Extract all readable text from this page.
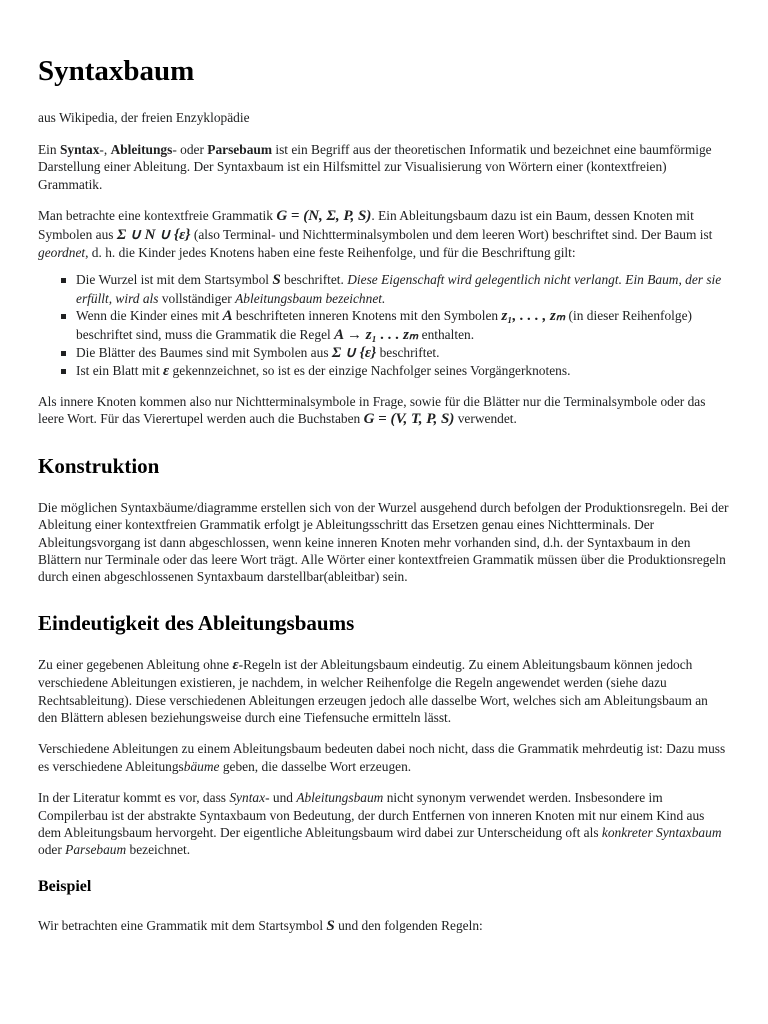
Syntaxbaum
aus Wikipedia, der freien Enzyklopädie

Ein Syntax-, Ableitungs- oder Parsebaum ist ein Begriff aus der theoretischen Informatik und bezeichnet eine baumförmige Darstellung einer Ableitung. Der Syntaxbaum ist ein Hilfsmittel zur Visualisierung von Wörtern einer (kontextfreien) Grammatik.

Man betrachte eine kontextfreie Grammatik G = (N, Σ, P, S). Ein Ableitungsbaum dazu ist ein Baum, dessen Knoten mit Symbolen aus Σ ∪ N ∪ {ε} (also Terminal- und Nichtterminalsymbolen und dem leeren Wort) beschriftet sind. Der Baum ist geordnet, d. h. die Kinder jedes Knotens haben eine feste Reihenfolge, und für die Beschriftung gilt:

Die Wurzel ist mit dem Startsymbol S beschriftet. Diese Eigenschaft wird gelegentlich nicht verlangt. Ein Baum, der sie erfüllt, wird als vollständiger Ableitungsbaum bezeichnet.
Wenn die Kinder eines mit A beschrifteten inneren Knotens mit den Symbolen z₁, . . . , zₘ (in dieser Reihenfolge) beschriftet sind, muss die Grammatik die Regel A → z₁ . . . zₘ enthalten.
Die Blätter des Baumes sind mit Symbolen aus Σ ∪ {ε} beschriftet.
Ist ein Blatt mit ε gekennzeichnet, so ist es der einzige Nachfolger seines Vorgängerknotens.

Als innere Knoten kommen also nur Nichtterminalsymbole in Frage, sowie für die Blätter nur die Terminalsymbole oder das leere Wort. Für das Vierertupel werden auch die Buchstaben G = (V, T, P, S) verwendet.

Konstruktion

Die möglichen Syntaxbäume/diagramme erstellen sich von der Wurzel ausgehend durch befolgen der Produktionsregeln. Bei der Ableitung einer kontextfreien Grammatik erfolgt je Ableitungsschritt das Ersetzen genau eines Nichtterminals. Der Ableitungsvorgang ist dann abgeschlossen, wenn keine inneren Knoten mehr vorhanden sind, d.h. der Syntaxbaum in den Blättern nur Terminale oder das leere Wort trägt. Alle Wörter einer kontextfreien Grammatik müssen über die Produktionsregeln durch einen abgeschlossenen Syntaxbaum darstellbar(ableitbar) sein.

Eindeutigkeit des Ableitungsbaums

Zu einer gegebenen Ableitung ohne ε-Regeln ist der Ableitungsbaum eindeutig. Zu einem Ableitungsbaum können jedoch verschiedene Ableitungen existieren, je nachdem, in welcher Reihenfolge die Regeln angewendet werden (siehe dazu Rechtsableitung). Diese verschiedenen Ableitungen erzeugen jedoch alle dasselbe Wort, welches sich am Ableitungsbaum an den Blättern ablesen beziehungsweise durch eine Tiefensuche ermitteln lässt.

Verschiedene Ableitungen zu einem Ableitungsbaum bedeuten dabei noch nicht, dass die Grammatik mehrdeutig ist: Dazu muss es verschiedene Ableitungsbäume geben, die dasselbe Wort erzeugen.

In der Literatur kommt es vor, dass Syntax- und Ableitungsbaum nicht synonym verwendet werden. Insbesondere im Compilerbau ist der abstrakte Syntaxbaum von Bedeutung, der durch Entfernen von inneren Knoten mit nur einem Kind aus dem Ableitungsbaum hervorgeht. Der eigentliche Ableitungsbaum wird dabei zur Unterscheidung oft als konkreter Syntaxbaum oder Parsebaum bezeichnet.

Beispiel

Wir betrachten eine Grammatik mit dem Startsymbol S und den folgenden Regeln:
